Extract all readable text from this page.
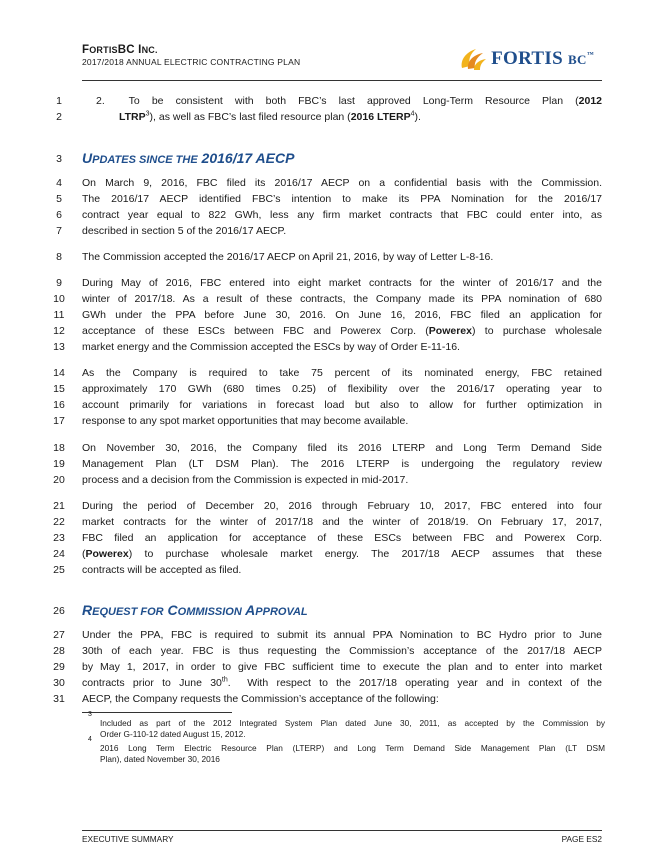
FORTISBC INC.
2017/2018 ANNUAL ELECTRIC CONTRACTING PLAN	FORTIS BC™
1	2.  To be consistent with both FBC’s last approved Long-Term Resource Plan (2012
2	LTRP$^3$), as well as FBC’s last filed resource plan (2016 LTERP$^4$).
3	UPDATES SINCE THE 2016/17 AECP
4	On March 9, 2016, FBC filed its 2016/17 AECP on a confidential basis with the Commission.
5	The 2016/17 AECP identified FBC’s intention to make its PPA Nomination for the 2016/17
6	contract year equal to 822 GWh, less any firm market contracts that FBC could enter into, as
7	described in section 5 of the 2016/17 AECP.
8	The Commission accepted the 2016/17 AECP on April 21, 2016, by way of Letter L-8-16.
9	During May of 2016, FBC entered into eight market contracts for the winter of 2016/17 and the
10	winter of 2017/18. As a result of these contracts, the Company made its PPA nomination of 680
11	GWh under the PPA before June 30, 2016. On June 16, 2016, FBC filed an application for
12	acceptance of these ESCs between FBC and Powerex Corp. (Powerex) to purchase wholesale
13	market energy and the Commission accepted the ESCs by way of Order E-11-16.
14	As the Company is required to take 75 percent of its nominated energy, FBC retained
15	approximately 170 GWh (680 times 0.25) of flexibility over the 2016/17 operating year to
16	account primarily for variations in forecast load but also to allow for further optimization in
17	response to any spot market opportunities that may become available.
18	On November 30, 2016, the Company filed its 2016 LTERP and Long Term Demand Side
19	Management Plan (LT DSM Plan). The 2016 LTERP is undergoing the regulatory review
20	process and a decision from the Commission is expected in mid-2017.
21	During the period of December 20, 2016 through February 10, 2017, FBC entered into four
22	market contracts for the winter of 2017/18 and the winter of 2018/19. On February 17, 2017,
23	FBC filed an application for acceptance of these ESCs between FBC and Powerex Corp.
24	(Powerex) to purchase wholesale market energy. The 2017/18 AECP assumes that these
25	contracts will be accepted as filed.
26 REQUEST FOR COMMISSION APPROVAL
27	Under the PPA, FBC is required to submit its annual PPA Nomination to BC Hydro prior to June
28	30th of each year. FBC is thus requesting the Commission’s acceptance of the 2017/18 AECP
29	by May 1, 2017, in order to give FBC sufficient time to execute the plan and to enter into market
30	contracts prior to June 30th.  With respect to the 2017/18 operating year and in context of the
31	AECP, the Company requests the Commission’s acceptance of the following:
3
Included as part of the 2012 Integrated System Plan dated June 30, 2011, as accepted by the Commission by
Order G-110-12 dated August 15, 2012.
4
2016 Long Term Electric Resource Plan (LTERP) and Long Term Demand Side Management Plan (LT DSM
Plan), dated November 30, 2016
EXECUTIVE SUMMARY	PAGE ES2
